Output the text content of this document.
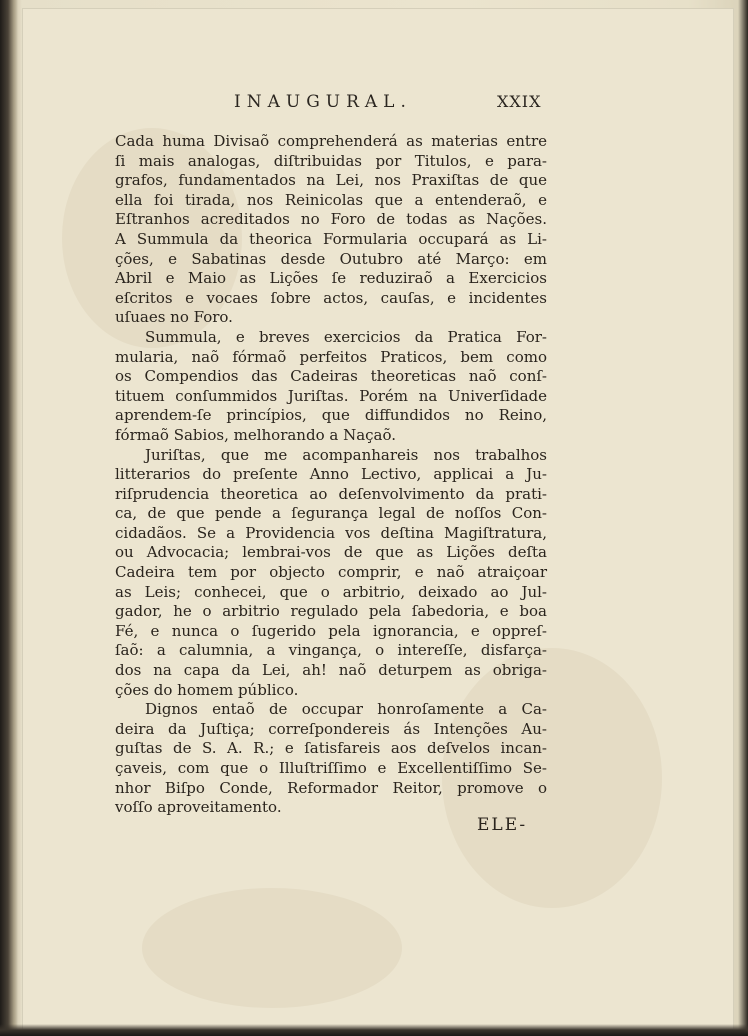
INAUGURAL.	XXIX
Cada huma Divisaõ comprehenderá as materias entre
ſi mais analogas, diſtribuidas por Titulos, e para-
grafos, fundamentados na Lei, nos Praxiſtas de que
ella foi tirada, nos Reinicolas que a entenderaõ, e
Eſtranhos acreditados no Foro de todas as Nações.
A Summula da theorica Formularia occupará as Li-
ções, e Sabatinas desde Outubro até Março: em
Abril e Maio as Lições ſe reduziraõ a Exercicios
eſcritos e vocaes ſobre actos, cauſas, e incidentes
uſuaes no Foro.
Summula, e breves exercicios da Pratica For-
mularia, naõ fórmaõ perfeitos Praticos, bem como
os Compendios das Cadeiras theoreticas naõ conſ-
tituem conſummidos Juriſtas. Porém na Univerſidade
aprendem-ſe princípios, que diffundidos no Reino,
fórmaõ Sabios, melhorando a Naçaõ.
Juriſtas, que me acompanhareis nos trabalhos
litterarios do preſente Anno Lectivo, applicai a Ju-
riſprudencia theoretica ao deſenvolvimento da prati-
ca, de que pende a ſegurança legal de noſſos Con-
cidadãos. Se a Providencia vos deſtina Magiſtratura,
ou Advocacia; lembrai-vos de que as Lições deſta
Cadeira tem por objecto comprir, e naõ atraiçoar
as Leis; conhecei, que o arbitrio, deixado ao Jul-
gador, he o arbitrio regulado pela ſabedoria, e boa
Fé, e nunca o ſugerido pela ignorancia, e oppreſ-
ſaõ: a calumnia, a vingança, o intereſſe, disfarça-
dos na capa da Lei, ah! naõ deturpem as obriga-
ções do homem público.
Dignos entaõ de occupar honroſamente a Ca-
deira da Juſtiça; correſpondereis ás Intenções Au-
guſtas de S. A. R.; e ſatisfareis aos deſvelos incan-
çaveis, com que o Illuſtriſſimo e Excellentiſſimo Se-
nhor Biſpo Conde, Reformador Reitor, promove o
voſſo aproveitamento.
ELE-
